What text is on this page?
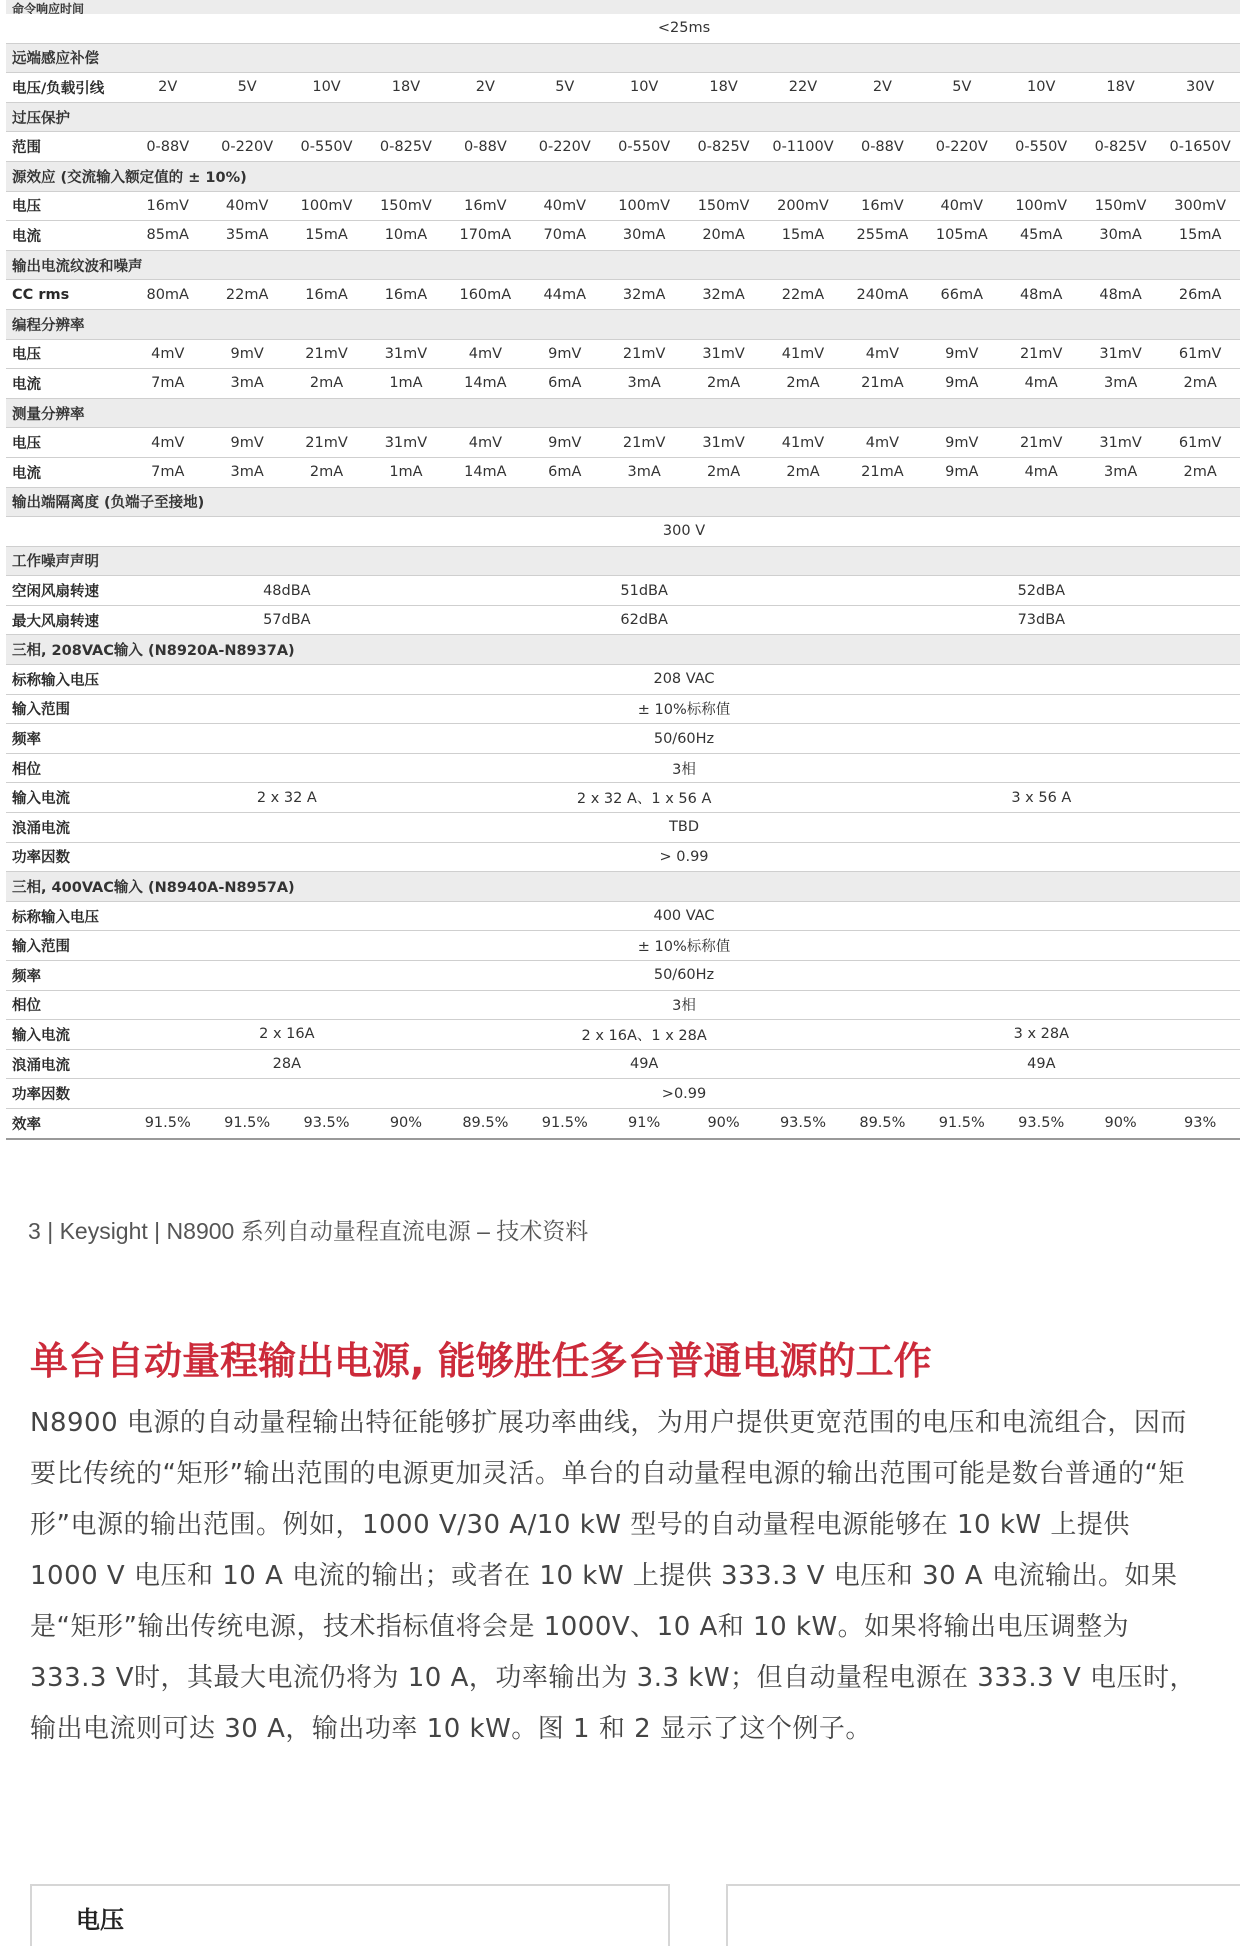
命令响应时间														
	<25ms													
远端感应补偿														
电压/负载引线	2V	5V	10V	18V	2V	5V	10V	18V	22V	2V	5V	10V	18V	30V
过压保护														
范围	0-88V	0-220V	0-550V	0-825V	0-88V	0-220V	0-550V	0-825V	0-1100V	0-88V	0-220V	0-550V	0-825V	0-1650V
源效应 (交流输入额定值的 ± 10%)														
电压	16mV	40mV	100mV	150mV	16mV	40mV	100mV	150mV	200mV	16mV	40mV	100mV	150mV	300mV
电流	85mA	35mA	15mA	10mA	170mA	70mA	30mA	20mA	15mA	255mA	105mA	45mA	30mA	15mA
输出电流纹波和噪声														
CC rms	80mA	22mA	16mA	16mA	160mA	44mA	32mA	32mA	22mA	240mA	66mA	48mA	48mA	26mA
编程分辨率														
电压	4mV	9mV	21mV	31mV	4mV	9mV	21mV	31mV	41mV	4mV	9mV	21mV	31mV	61mV
电流	7mA	3mA	2mA	1mA	14mA	6mA	3mA	2mA	2mA	21mA	9mA	4mA	3mA	2mA
测量分辨率														
电压	4mV	9mV	21mV	31mV	4mV	9mV	21mV	31mV	41mV	4mV	9mV	21mV	31mV	61mV
电流	7mA	3mA	2mA	1mA	14mA	6mA	3mA	2mA	2mA	21mA	9mA	4mA	3mA	2mA
输出端隔离度 (负端子至接地)														
	300 V													
工作噪声声明														
空闲风扇转速	48dBA				51dBA					52dBA				
最大风扇转速	57dBA				62dBA					73dBA				
三相, 208VAC输入 (N8920A-N8937A)														
标称输入电压	208 VAC													
输入范围	± 10%标称值													
频率	50/60Hz													
相位	3相													
输入电流	2 x 32 A				2 x 32 A、1 x 56 A					3 x 56 A				
浪涌电流	TBD													
功率因数	> 0.99													
三相, 400VAC输入 (N8940A-N8957A)														
标称输入电压	400 VAC													
输入范围	± 10%标称值													
频率	50/60Hz													
相位	3相													
输入电流	2 x 16A				2 x 16A、1 x 28A					3 x 28A				
浪涌电流	28A				49A					49A				
功率因数	>0.99													
效率	91.5%	91.5%	93.5%	90%	89.5%	91.5%	91%	90%	93.5%	89.5%	91.5%	93.5%	90%	93%
3 | Keysight | N8900 系列自动量程直流电源 – 技术资料
单台自动量程输出电源, 能够胜任多台普通电源的工作

N8900 电源的自动量程输出特征能够扩展功率曲线，为用户提供更宽范围的电压和电流组合，因而要比传统的“矩形”输出范围的电源更加灵活。单台的自动量程电源的输出范围可能是数台普通的“矩形”电源的输出范围。例如，1000 V/30 A/10 kW 型号的自动量程电源能够在 10 kW 上提供 1000 V 电压和 10 A 电流的输出；或者在 10 kW 上提供 333.3 V 电压和 30 A 电流输出。如果是“矩形”输出传统电源，技术指标值将会是 1000V、10 A和 10 kW。如果将输出电压调整为 333.3 V时，其最大电流仍将为 10 A，功率输出为 3.3 kW；但自动量程电源在 333.3 V 电压时，输出电流则可达 30 A，输出功率 10 kW。图 1 和 2 显示了这个例子。

电压
